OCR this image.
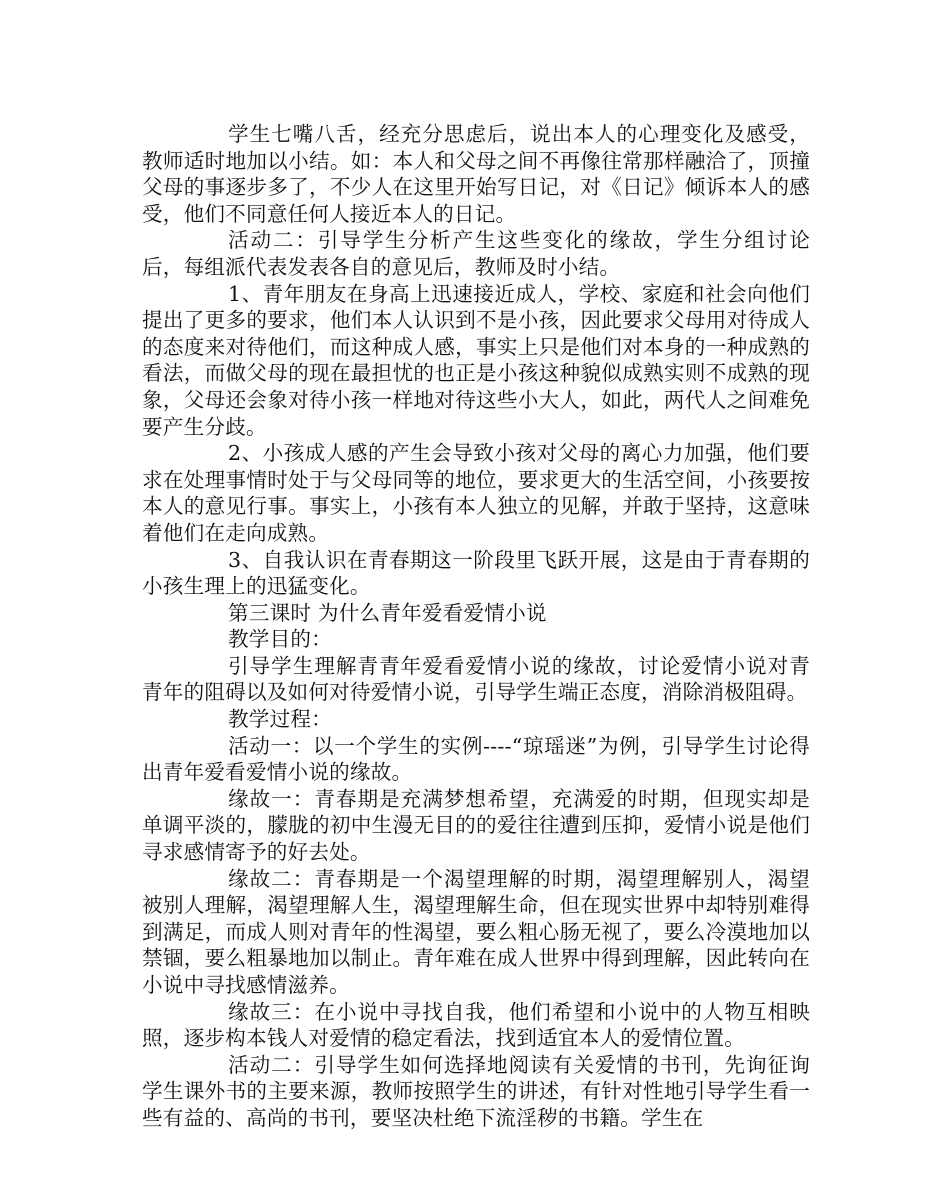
学生七嘴八舌，经充分思虑后，说出本人的心理变化及感受，教师适时地加以小结。如：本人和父母之间不再像往常那样融洽了，顶撞父母的事逐步多了，不少人在这里开始写日记，对《日记》倾诉本人的感受，他们不同意任何人接近本人的日记。

活动二：引导学生分析产生这些变化的缘故，学生分组讨论后，每组派代表发表各自的意见后，教师及时小结。

1、青年朋友在身高上迅速接近成人，学校、家庭和社会向他们提出了更多的要求，他们本人认识到不是小孩，因此要求父母用对待成人的态度来对待他们，而这种成人感，事实上只是他们对本身的一种成熟的看法，而做父母的现在最担忧的也正是小孩这种貌似成熟实则不成熟的现象，父母还会象对待小孩一样地对待这些小大人，如此，两代人之间难免要产生分歧。

2、小孩成人感的产生会导致小孩对父母的离心力加强，他们要求在处理事情时处于与父母同等的地位，要求更大的生活空间，小孩要按本人的意见行事。事实上，小孩有本人独立的见解，并敢于坚持，这意味着他们在走向成熟。

3、自我认识在青春期这一阶段里飞跃开展，这是由于青春期的小孩生理上的迅猛变化。

第三课时 为什么青年爱看爱情小说

教学目的：

引导学生理解青青年爱看爱情小说的缘故，讨论爱情小说对青青年的阻碍以及如何对待爱情小说，引导学生端正态度，消除消极阻碍。

教学过程：

活动一：以一个学生的实例----“琼瑶迷”为例，引导学生讨论得出青年爱看爱情小说的缘故。

缘故一：青春期是充满梦想希望，充满爱的时期，但现实却是单调平淡的，朦胧的初中生漫无目的的爱往往遭到压抑，爱情小说是他们寻求感情寄予的好去处。

缘故二：青春期是一个渴望理解的时期，渴望理解别人，渴望被别人理解，渴望理解人生，渴望理解生命，但在现实世界中却特别难得到满足，而成人则对青年的性渴望，要么粗心肠无视了，要么冷漠地加以禁锢，要么粗暴地加以制止。青年难在成人世界中得到理解，因此转向在小说中寻找感情滋养。

缘故三：在小说中寻找自我，他们希望和小说中的人物互相映照，逐步构本钱人对爱情的稳定看法，找到适宜本人的爱情位置。

活动二：引导学生如何选择地阅读有关爱情的书刊，先询征询学生课外书的主要来源，教师按照学生的讲述，有针对性地引导学生看一些有益的、高尚的书刊，要坚决杜绝下流淫秽的书籍。学生在
